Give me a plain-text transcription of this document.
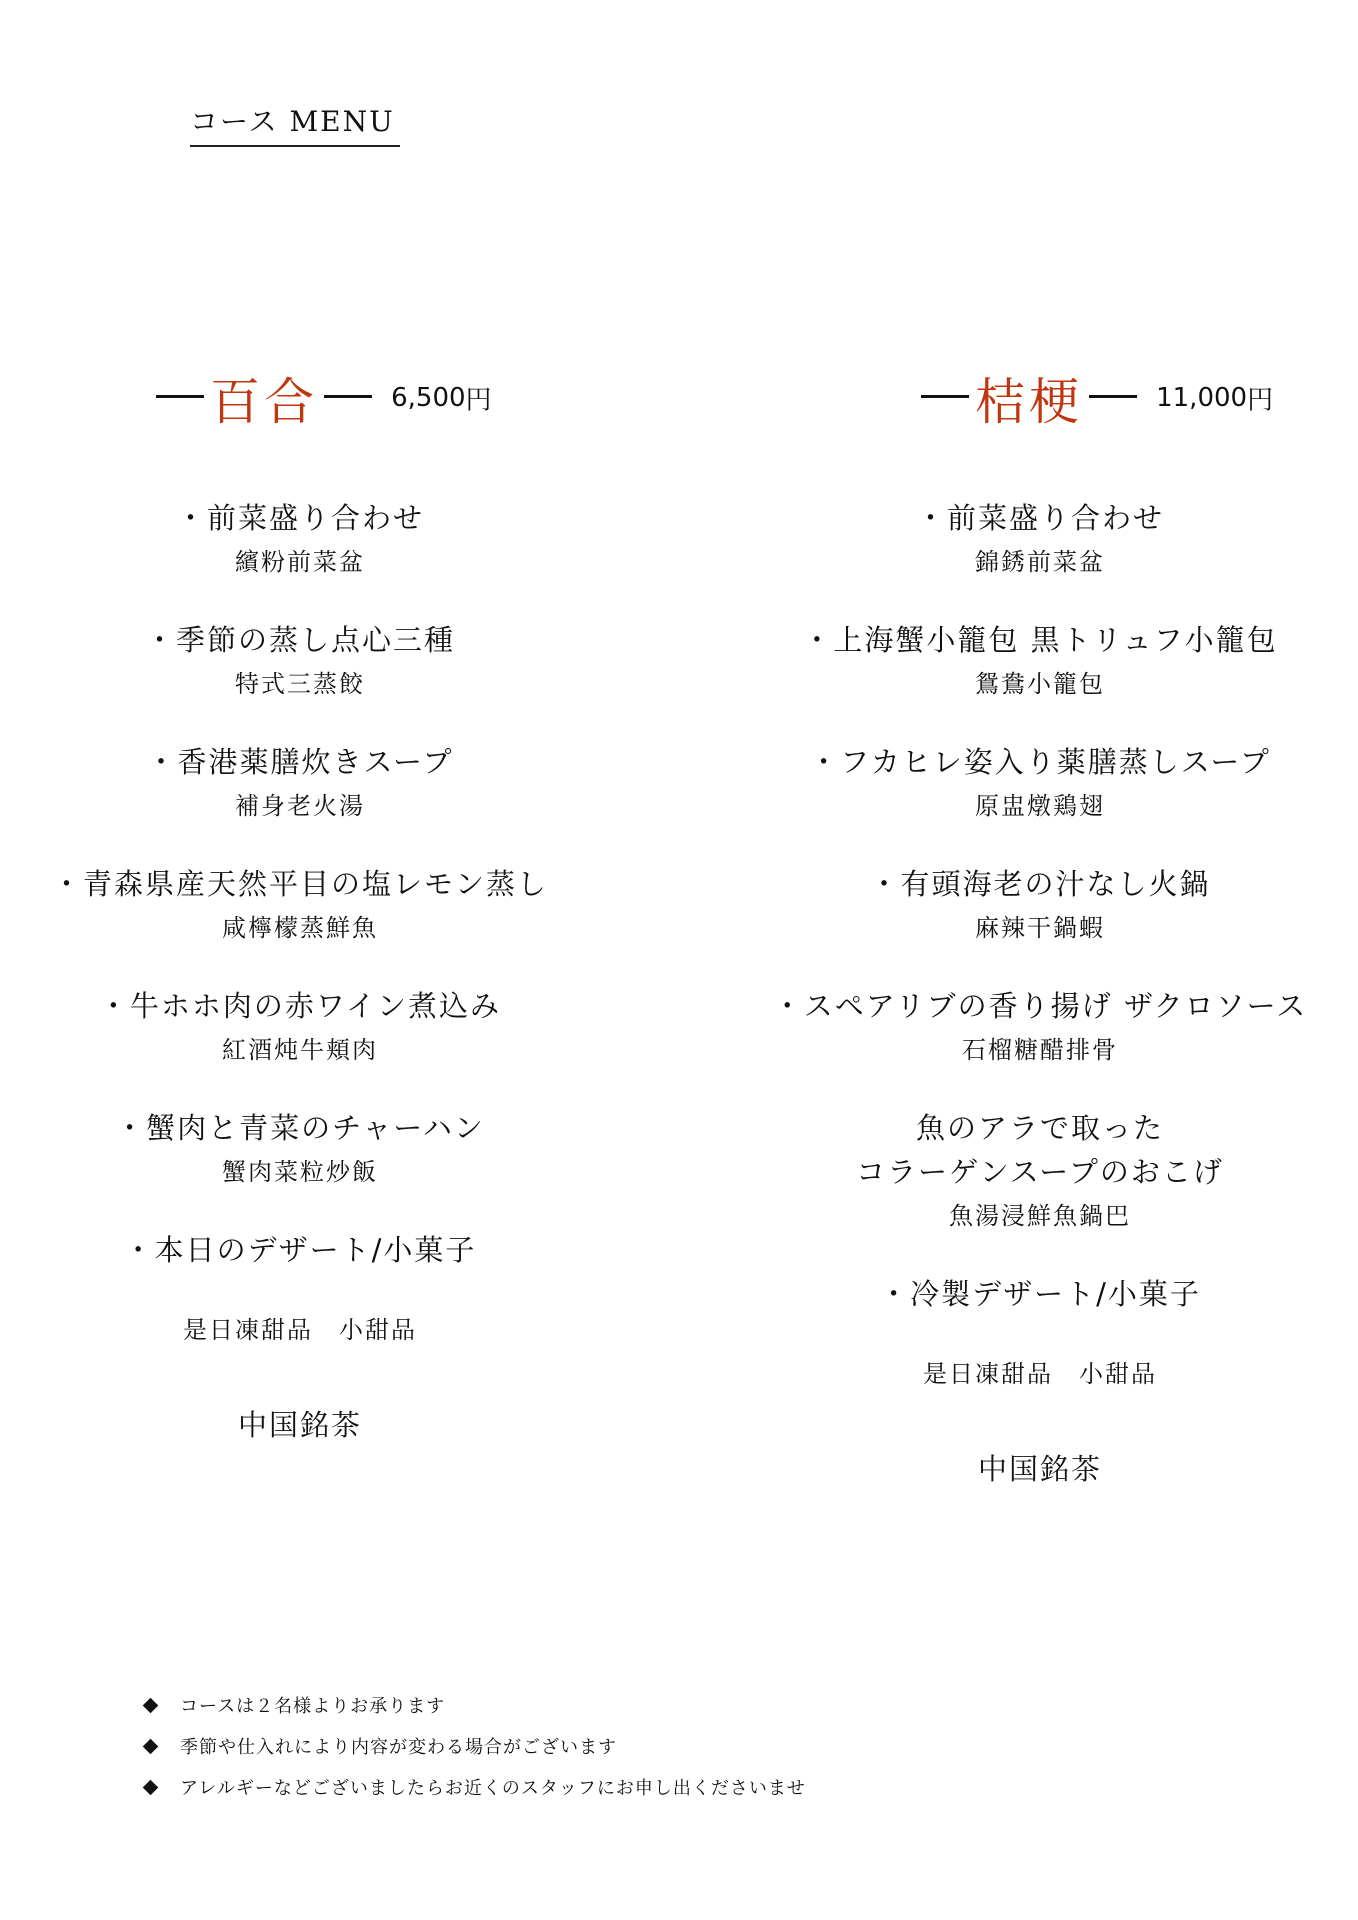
コース MENU
百合	6,500円	桔梗	11,000円
・前菜盛り合わせ
繽粉前菜盆
・季節の蒸し点心三種
特式三蒸餃
・香港薬膳炊きスープ
補身老火湯
・青森県産天然平目の塩レモン蒸し
咸檸檬蒸鮮魚
・牛ホホ肉の赤ワイン煮込み
紅酒炖牛頬肉
・蟹肉と青菜のチャーハン
蟹肉菜粒炒飯
・本日のデザート/小菓子
是日凍甜品　小甜品
中国銘茶
・前菜盛り合わせ
錦銹前菜盆
・上海蟹小籠包 黒トリュフ小籠包
鴛鴦小籠包
・フカヒレ姿入り薬膳蒸しスープ
原盅燉鶏翅
・有頭海老の汁なし火鍋
麻辣干鍋蝦
・スペアリブの香り揚げ ザクロソース
石榴糖醋排骨
魚のアラで取った
コラーゲンスープのおこげ
魚湯浸鮮魚鍋巴
・冷製デザート/小菓子
是日凍甜品　小甜品
中国銘茶
コースは２名様よりお承ります
季節や仕入れにより内容が変わる場合がございます
アレルギーなどございましたらお近くのスタッフにお申し出くださいませ
